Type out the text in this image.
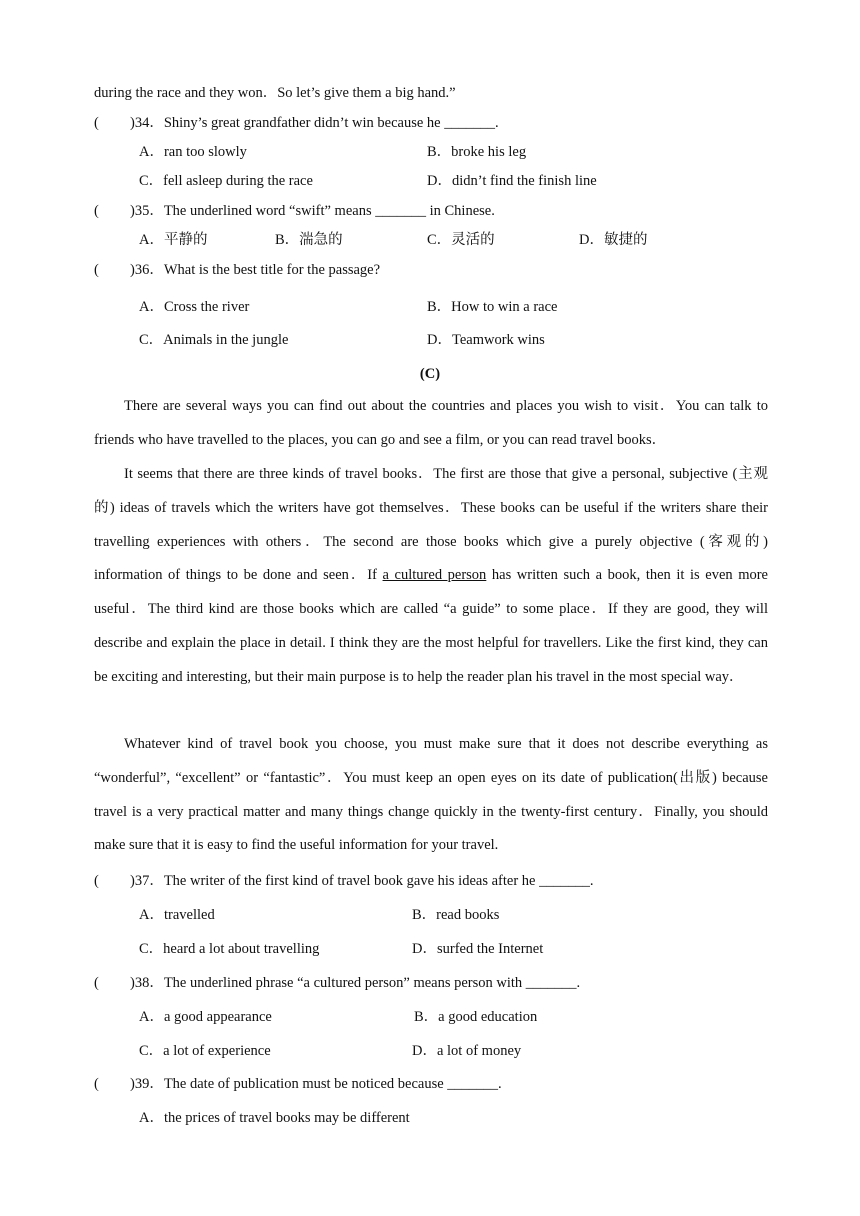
during the race and they won．So let’s give them a big hand.”
( )34．Shiny’s great grandfather didn’t win because he _______.
A．ran too slowly	B．broke his leg
C．fell asleep during the race	D．didn’t find the finish line
( )35．The underlined word “swift” means _______ in Chinese.
A．平静的	B．湍急的	C．灵活的	D．敏捷的
( )36．What is the best title for the passage?
A．Cross the river	B．How to win a race
C．Animals in the jungle	D．Teamwork wins
(C)

There are several ways you can find out about the countries and places you wish to visit．You can talk to friends who have travelled to the places, you can go and see a film, or you can read travel books．

It seems that there are three kinds of travel books．The first are those that give a personal, subjective (主观的) ideas of travels which the writers have got themselves．These books can be useful if the writers share their travelling experiences with others．The second are those books which give a purely objective (客观的) information of things to be done and seen．If a cultured person has written such a book, then it is even more useful．The third kind are those books which are called “a guide” to some place．If they are good, they will describe and explain the place in detail. I think they are the most helpful for travellers. Like the first kind, they can be exciting and interesting, but their main purpose is to help the reader plan his travel in the most special way．

Whatever kind of travel book you choose, you must make sure that it does not describe everything as “wonderful”, “excellent” or “fantastic”．You must keep an open eyes on its date of publication(出版) because travel is a very practical matter and many things change quickly in the twenty-first century．Finally, you should make sure that it is easy to find the useful information for your travel.

( )37．The writer of the first kind of travel book gave his ideas after he _______.
A．travelled	B．read books
C．heard a lot about travelling	D．surfed the Internet
( )38．The underlined phrase “a cultured person” means person with _______.
A．a good appearance	B．a good education
C．a lot of experience	D．a lot of money
( )39．The date of publication must be noticed because _______.
A．the prices of travel books may be different
